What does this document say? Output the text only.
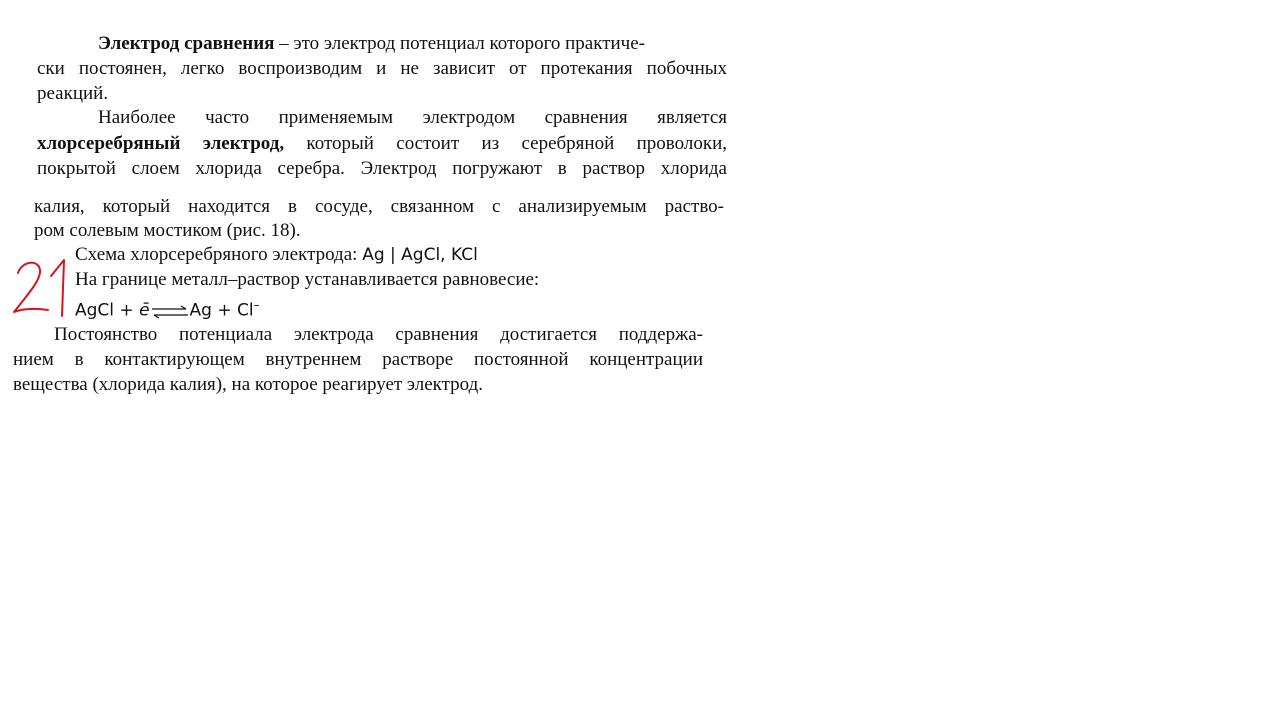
Электрод сравнения – это электрод потенциал которого практиче-
ски постоянен, легко воспроизводим и не зависит от протекания побочных
реакций.
Наиболее часто применяемым электродом сравнения является
хлорсеребряный электрод, который состоит из серебряной проволоки,
покрытой слоем хлорида серебра. Электрод погружают в раствор хлорида
калия, который находится в сосуде, связанном с анализируемым раство-
ром солевым мостиком (рис. 18).
Схема хлорсеребряного электрода: Ag | AgCl, KCl
На границе металл–раствор устанавливается равновесие:
AgCl + ē⇌Ag + Cl–
Постоянство потенциала электрода сравнения достигается поддержа-
нием в контактирующем внутреннем растворе постоянной концентрации
вещества (хлорида калия), на которое реагирует электрод.
